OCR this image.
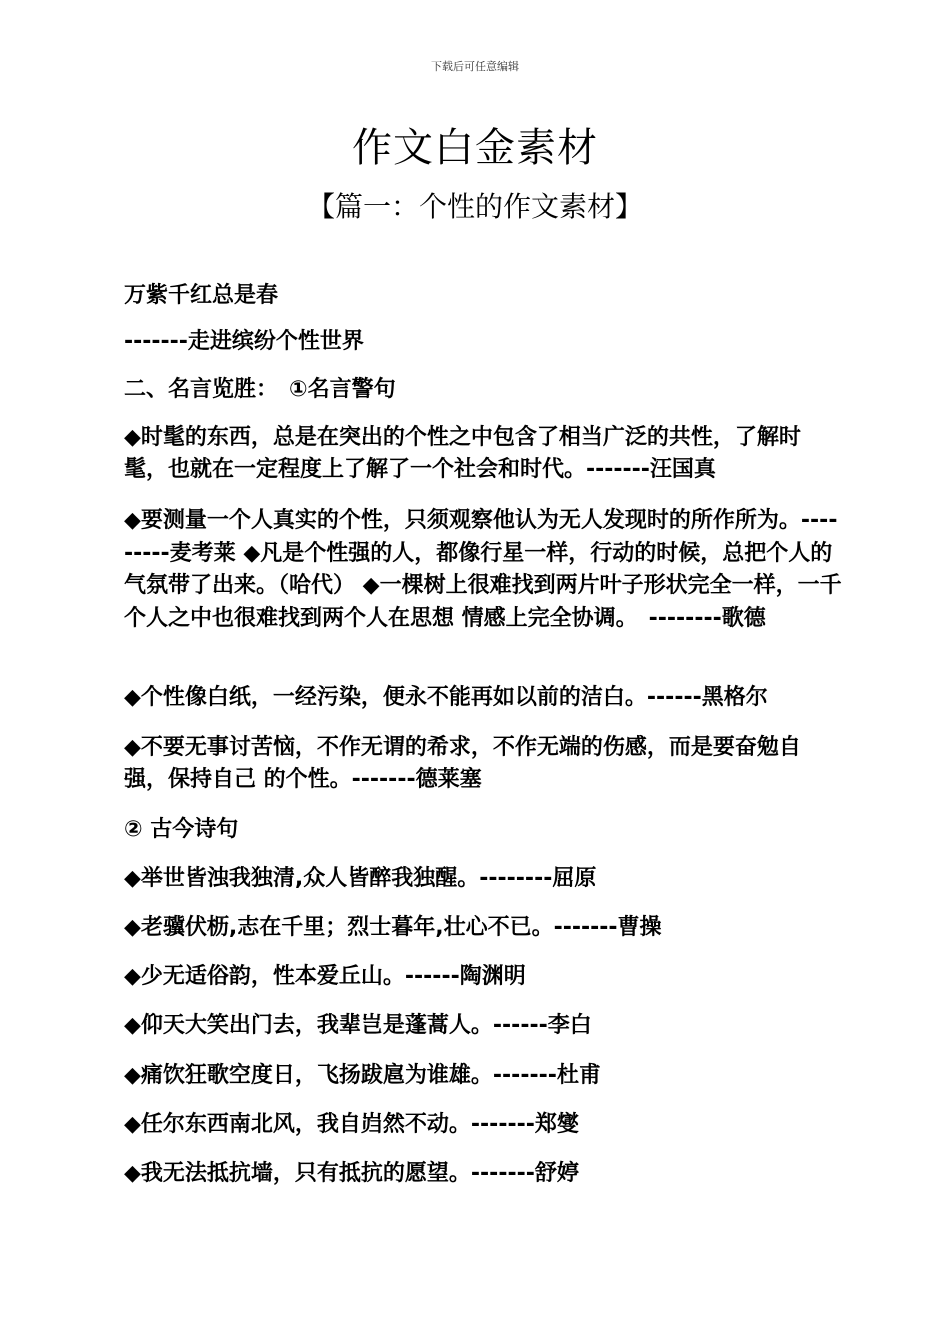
下载后可任意编辑
作文白金素材
【篇一：个性的作文素材】

万紫千红总是春

-------走进缤纷个性世界

二、名言览胜：　①名言警句

◆时髦的东西，总是在突出的个性之中包含了相当广泛的共性，了解时髦，也就在一定程度上了解了一个社会和时代。-------汪国真

◆要测量一个人真实的个性，只须观察他认为无人发现时的所作所为。---------麦考莱 ◆凡是个性强的人，都像行星一样，行动的时候，总把个人的气氛带了出来。（哈代） ◆一棵树上很难找到两片叶子形状完全一样，一千个人之中也很难找到两个人在思想 情感上完全协调。　--------歌德

◆个性像白纸，一经污染，便永不能再如以前的洁白。------黑格尔

◆不要无事讨苦恼，不作无谓的希求，不作无端的伤感，而是要奋勉自强，保持自己 的个性。-------德莱塞

② 古今诗句

◆举世皆浊我独清,众人皆醉我独醒。--------屈原

◆老骥伏枥,志在千里；烈士暮年,壮心不已。-------曹操

◆少无适俗韵，性本爱丘山。------陶渊明

◆仰天大笑出门去，我辈岂是蓬蒿人。------李白

◆痛饮狂歌空度日，飞扬跋扈为谁雄。-------杜甫

◆任尔东西南北风，我自岿然不动。-------郑燮

◆我无法抵抗墙，只有抵抗的愿望。-------舒婷
